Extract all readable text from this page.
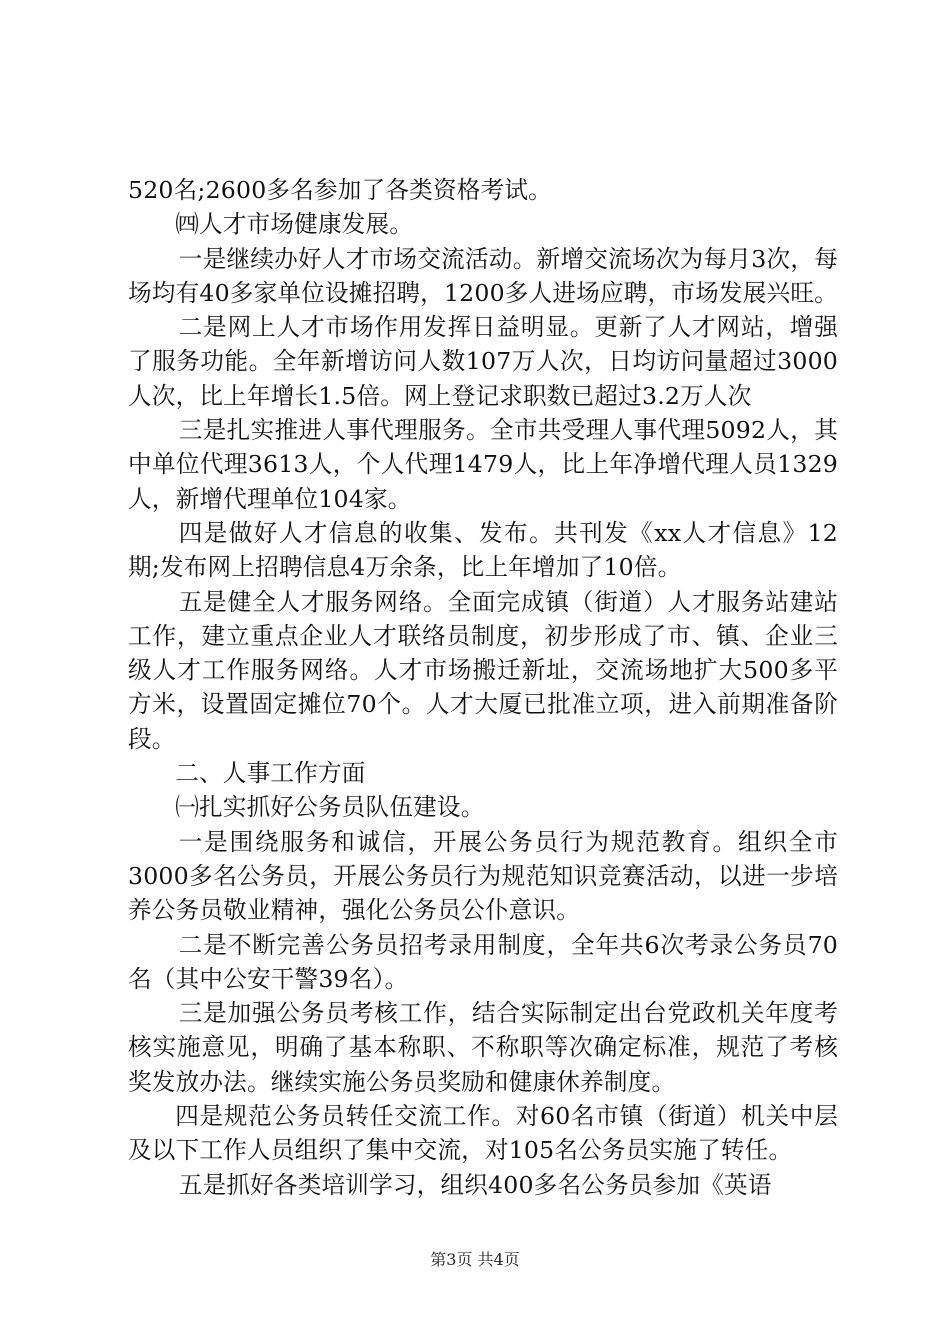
520名;2600多名参加了各类资格考试。

㈣人才市场健康发展。

一是继续办好人才市场交流活动。新增交流场次为每月3次，每场均有40多家单位设摊招聘，1200多人进场应聘，市场发展兴旺。

二是网上人才市场作用发挥日益明显。更新了人才网站，增强了服务功能。全年新增访问人数107万人次，日均访问量超过3000人次，比上年增长1.5倍。网上登记求职数已超过3.2万人次

三是扎实推进人事代理服务。全市共受理人事代理5092人，其中单位代理3613人，个人代理1479人，比上年净增代理人员1329人，新增代理单位104家。

四是做好人才信息的收集、发布。共刊发《xx人才信息》12期;发布网上招聘信息4万余条，比上年增加了10倍。

五是健全人才服务网络。全面完成镇（街道）人才服务站建站工作，建立重点企业人才联络员制度，初步形成了市、镇、企业三级人才工作服务网络。人才市场搬迁新址，交流场地扩大500多平方米，设置固定摊位70个。人才大厦已批准立项，进入前期准备阶段。

二、人事工作方面

㈠扎实抓好公务员队伍建设。

一是围绕服务和诚信，开展公务员行为规范教育。组织全市3000多名公务员，开展公务员行为规范知识竞赛活动，以进一步培养公务员敬业精神，强化公务员公仆意识。

二是不断完善公务员招考录用制度，全年共6次考录公务员70名（其中公安干警39名）。

三是加强公务员考核工作，结合实际制定出台党政机关年度考核实施意见，明确了基本称职、不称职等次确定标准，规范了考核奖发放办法。继续实施公务员奖励和健康休养制度。

四是规范公务员转任交流工作。对60名市镇（街道）机关中层及以下工作人员组织了集中交流，对105名公务员实施了转任。

五是抓好各类培训学习，组织400多名公务员参加《英语

第3页 共4页
